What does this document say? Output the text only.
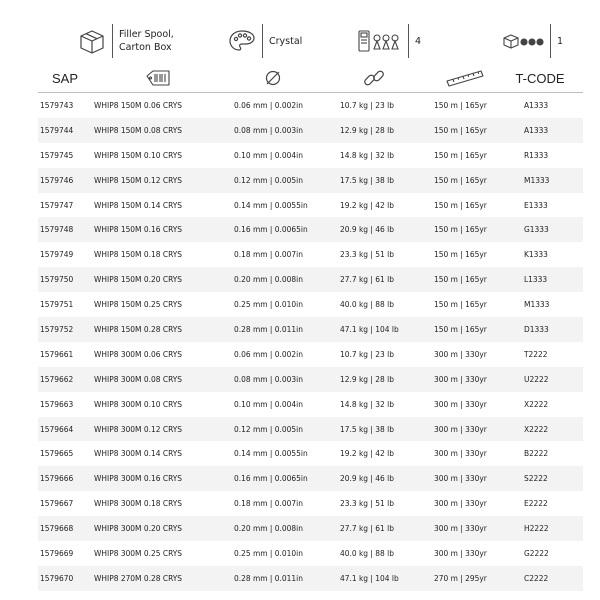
Filler Spool,
Carton Box
Crystal	4	1
SAP	T-CODE
1579743	WHIP8 150M 0.06 CRYS	0.06 mm | 0.002in	10.7 kg | 23 lb	150 m | 165yr	A1333
1579744	WHIP8 150M 0.08 CRYS	0.08 mm | 0.003in	12.9 kg | 28 lb	150 m | 165yr	A1333
1579745	WHIP8 150M 0.10 CRYS	0.10 mm | 0.004in	14.8 kg | 32 lb	150 m | 165yr	R1333
1579746	WHIP8 150M 0.12 CRYS	0.12 mm | 0.005in	17.5 kg | 38 lb	150 m | 165yr	M1333
1579747	WHIP8 150M 0.14 CRYS	0.14 mm | 0.0055in	19.2 kg | 42 lb	150 m | 165yr	E1333
1579748	WHIP8 150M 0.16 CRYS	0.16 mm | 0.0065in	20.9 kg | 46 lb	150 m | 165yr	G1333
1579749	WHIP8 150M 0.18 CRYS	0.18 mm | 0.007in	23.3 kg | 51 lb	150 m | 165yr	K1333
1579750	WHIP8 150M 0.20 CRYS	0.20 mm | 0.008in	27.7 kg | 61 lb	150 m | 165yr	L1333
1579751	WHIP8 150M 0.25 CRYS	0.25 mm | 0.010in	40.0 kg | 88 lb	150 m | 165yr	M1333
1579752	WHIP8 150M 0.28 CRYS	0.28 mm | 0.011in	47.1 kg | 104 lb	150 m | 165yr	D1333
1579661	WHIP8 300M 0.06 CRYS	0.06 mm | 0.002in	10.7 kg | 23 lb	300 m | 330yr	T2222
1579662	WHIP8 300M 0.08 CRYS	0.08 mm | 0.003in	12.9 kg | 28 lb	300 m | 330yr	U2222
1579663	WHIP8 300M 0.10 CRYS	0.10 mm | 0.004in	14.8 kg | 32 lb	300 m | 330yr	X2222
1579664	WHIP8 300M 0.12 CRYS	0.12 mm | 0.005in	17.5 kg | 38 lb	300 m | 330yr	X2222
1579665	WHIP8 300M 0.14 CRYS	0.14 mm | 0.0055in	19.2 kg | 42 lb	300 m | 330yr	B2222
1579666	WHIP8 300M 0.16 CRYS	0.16 mm | 0.0065in	20.9 kg | 46 lb	300 m | 330yr	S2222
1579667	WHIP8 300M 0.18 CRYS	0.18 mm | 0.007in	23.3 kg | 51 lb	300 m | 330yr	E2222
1579668	WHIP8 300M 0.20 CRYS	0.20 mm | 0.008in	27.7 kg | 61 lb	300 m | 330yr	H2222
1579669	WHIP8 300M 0.25 CRYS	0.25 mm | 0.010in	40.0 kg | 88 lb	300 m | 330yr	G2222
1579670	WHIP8 270M 0.28 CRYS	0.28 mm | 0.011in	47.1 kg | 104 lb	270 m | 295yr	C2222
